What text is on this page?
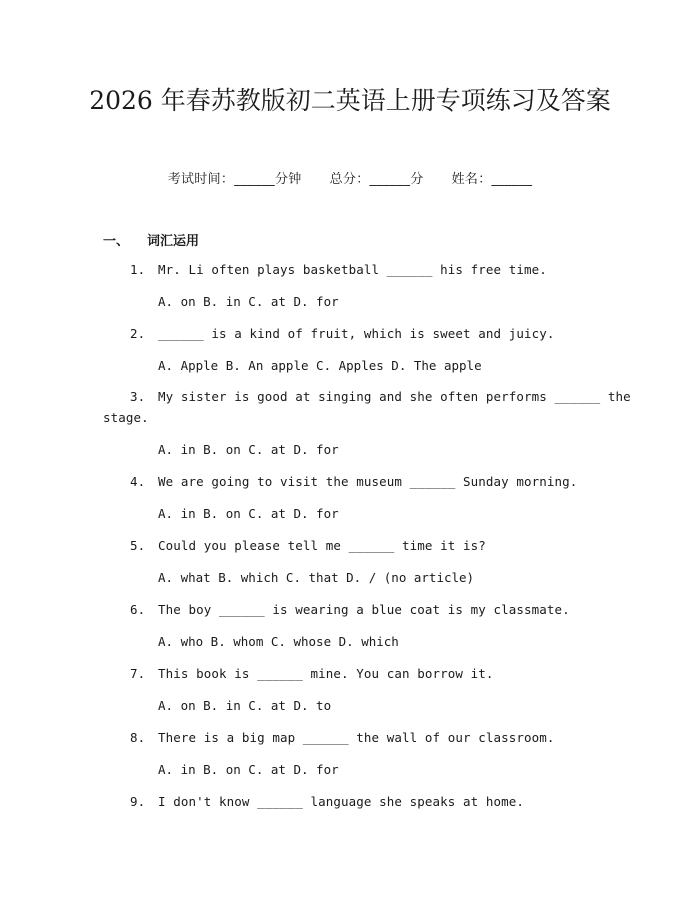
2026 年春苏教版初二英语上册专项练习及答案
考试时间：______分钟 总分：______分 姓名：______
一、 词汇运用
1. Mr. Li often plays basketball ______ his free time.
A. on B. in C. at D. for
2. ______ is a kind of fruit, which is sweet and juicy.
A. Apple B. An apple C. Apples D. The apple
3. My sister is good at singing and she often performs ______ the
stage.
A. in B. on C. at D. for
4. We are going to visit the museum ______ Sunday morning.
A. in B. on C. at D. for
5. Could you please tell me ______ time it is?
A. what B. which C. that D. / (no article)
6. The boy ______ is wearing a blue coat is my classmate.
A. who B. whom C. whose D. which
7. This book is ______ mine. You can borrow it.
A. on B. in C. at D. to
8. There is a big map ______ the wall of our classroom.
A. in B. on C. at D. for
9. I don't know ______ language she speaks at home.
